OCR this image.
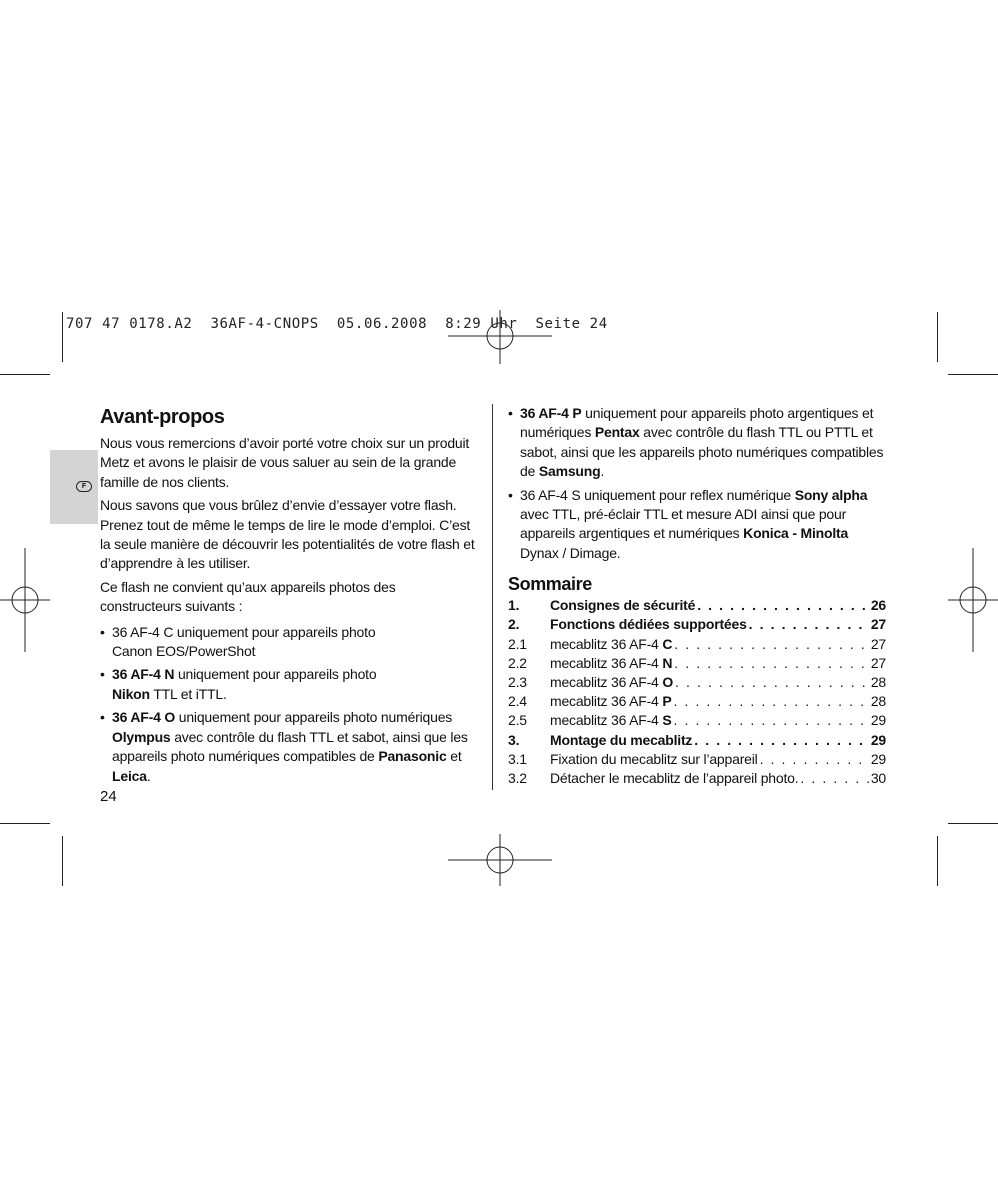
707 47 0178.A2  36AF-4-CNOPS  05.06.2008  8:29 Uhr  Seite 24
F
Avant-propos

Nous vous remercions d’avoir porté votre choix sur un produit Metz et avons le plaisir de vous saluer au sein de la grande famille de nos clients.

Nous savons que vous brûlez d’envie d’essayer votre flash. Prenez tout de même le temps de lire le mode d’emploi. C’est la seule manière de découvrir les potentialités de votre flash et d’apprendre à les utiliser.

Ce flash ne convient qu’aux appareils photos des constructeurs suivants :

• 36 AF-4 C uniquement pour appareils photo
Canon EOS/PowerShot
• 36 AF-4 N uniquement pour appareils photo
Nikon TTL et iTTL.
• 36 AF-4 O uniquement pour appareils photo numériques Olympus avec contrôle du flash TTL et sabot, ainsi que les appareils photo numériques compatibles de Panasonic et Leica.
• 36 AF-4 P uniquement pour appareils photo argentiques et numériques Pentax avec contrôle du flash TTL ou PTTL et sabot, ainsi que les appareils photo numériques compatibles de Samsung.
• 36 AF-4 S uniquement pour reflex numérique Sony alpha avec TTL, pré-éclair TTL et mesure ADI ainsi que pour appareils argentiques et numériques Konica - Minolta Dynax / Dimage.
Sommaire
1.	Consignes de sécurité . . .	26
2.	Fonctions dédiées supportées . . .	27
2.1	mecablitz 36 AF-4 C . . .	27
2.2	mecablitz 36 AF-4 N . . .	27
2.3	mecablitz 36 AF-4 O . . .	28
2.4	mecablitz 36 AF-4 P . . .	28
2.5	mecablitz 36 AF-4 S . . .	29
3.	Montage du mecablitz . . .	29
3.1	Fixation du mecablitz sur l’appareil . . .	29
3.2	Détacher le mecablitz de l’appareil photo. . . .	30
24
